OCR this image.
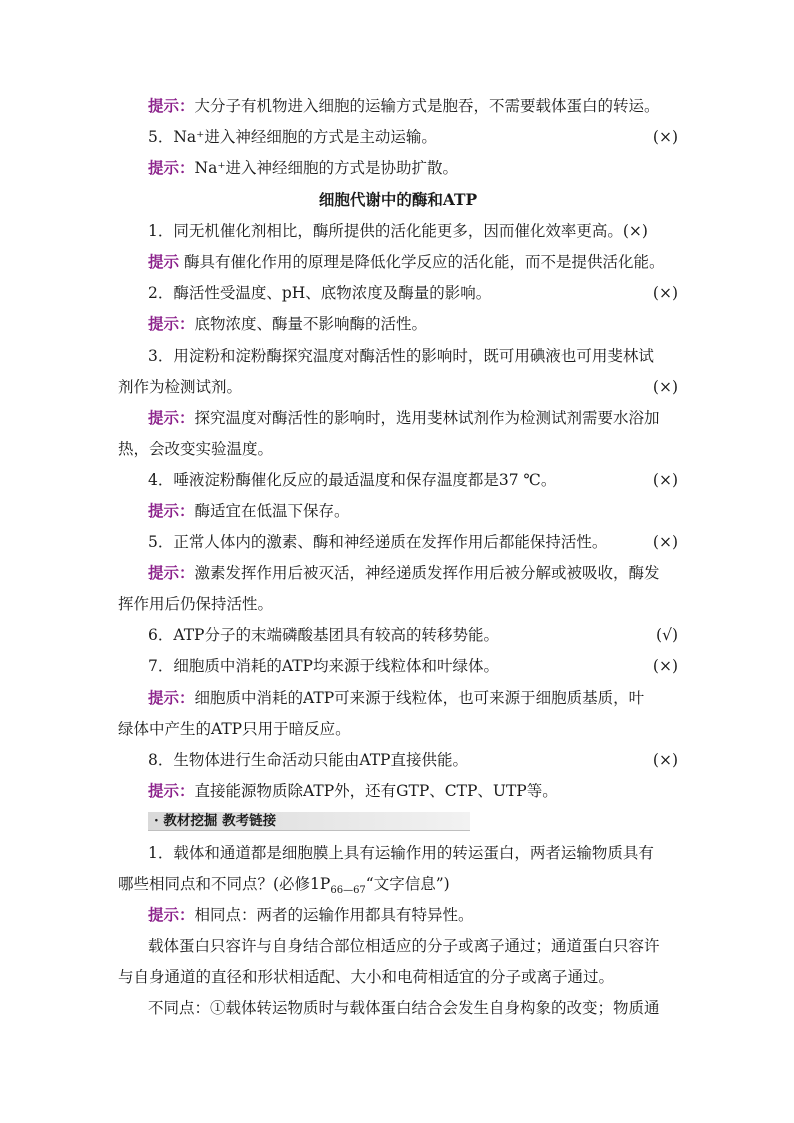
提示：大分子有机物进入细胞的运输方式是胞吞，不需要载体蛋白的转运。
5．Na⁺进入神经细胞的方式是主动运输。	(×)
提示：Na⁺进入神经细胞的方式是协助扩散。
细胞代谢中的酶和ATP
1．同无机催化剂相比，酶所提供的活化能更多，因而催化效率更高。(×)
提示 酶具有催化作用的原理是降低化学反应的活化能，而不是提供活化能。
2．酶活性受温度、pH、底物浓度及酶量的影响。	(×)
提示：底物浓度、酶量不影响酶的活性。
3．用淀粉和淀粉酶探究温度对酶活性的影响时，既可用碘液也可用斐林试
剂作为检测试剂。	(×)
提示：探究温度对酶活性的影响时，选用斐林试剂作为检测试剂需要水浴加
热，会改变实验温度。
4．唾液淀粉酶催化反应的最适温度和保存温度都是37 ℃。	(×)
提示：酶适宜在低温下保存。
5．正常人体内的激素、酶和神经递质在发挥作用后都能保持活性。	(×)
提示：激素发挥作用后被灭活，神经递质发挥作用后被分解或被吸收，酶发
挥作用后仍保持活性。
6．ATP分子的末端磷酸基团具有较高的转移势能。	(√)
7．细胞质中消耗的ATP均来源于线粒体和叶绿体。	(×)
提示：细胞质中消耗的ATP可来源于线粒体，也可来源于细胞质基质，叶
绿体中产生的ATP只用于暗反应。
8．生物体进行生命活动只能由ATP直接供能。	(×)
提示：直接能源物质除ATP外，还有GTP、CTP、UTP等。
· 教材挖掘 教考链接
1．载体和通道都是细胞膜上具有运输作用的转运蛋白，两者运输物质具有
哪些相同点和不同点？(必修$1P_{66—67}“$文字信息”)
提示：相同点：两者的运输作用都具有特异性。
载体蛋白只容许与自身结合部位相适应的分子或离子通过；通道蛋白只容许
与自身通道的直径和形状相适配、大小和电荷相适宜的分子或离子通过。
不同点：①载体转运物质时与载体蛋白结合会发生自身构象的改变；物质通
